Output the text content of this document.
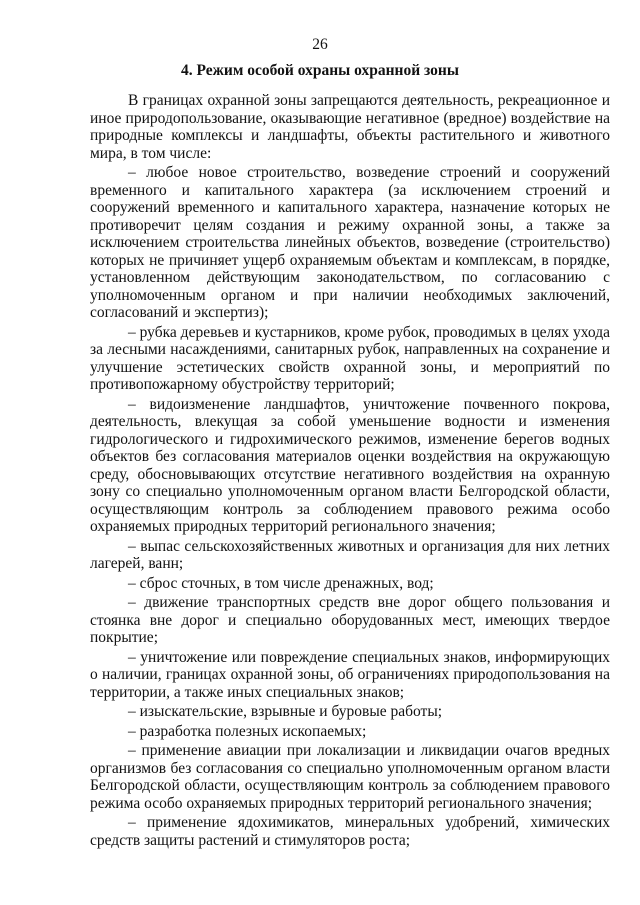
26
4. Режим особой охраны охранной зоны

В границах охранной зоны запрещаются деятельность, рекреационное и иное природопользование, оказывающие негативное (вредное) воздействие на природные комплексы и ландшафты, объекты растительного и животного мира, в том числе:

– любое новое строительство, возведение строений и сооружений временного и капитального характера (за исключением строений и сооружений временного и капитального характера, назначение которых не противоречит целям создания и режиму охранной зоны, а также за исключением строительства линейных объектов, возведение (строительство) которых не причиняет ущерб охраняемым объектам и комплексам, в порядке, установленном действующим законодательством, по согласованию с уполномоченным органом и при наличии необходимых заключений, согласований и экспертиз);

– рубка деревьев и кустарников, кроме рубок, проводимых в целях ухода за лесными насаждениями, санитарных рубок, направленных на сохранение и улучшение эстетических свойств охранной зоны, и мероприятий по противопожарному обустройству территорий;

– видоизменение ландшафтов, уничтожение почвенного покрова, деятельность, влекущая за собой уменьшение водности и изменения гидрологического и гидрохимического режимов, изменение берегов водных объектов без согласования материалов оценки воздействия на окружающую среду, обосновывающих отсутствие негативного воздействия на охранную зону со специально уполномоченным органом власти Белгородской области, осуществляющим контроль за соблюдением правового режима особо охраняемых природных территорий регионального значения;

– выпас сельскохозяйственных животных и организация для них летних лагерей, ванн;

– сброс сточных, в том числе дренажных, вод;

– движение транспортных средств вне дорог общего пользования и стоянка вне дорог и специально оборудованных мест, имеющих твердое покрытие;

– уничтожение или повреждение специальных знаков, информирующих о наличии, границах охранной зоны, об ограничениях природопользования на территории, а также иных специальных знаков;

– изыскательские, взрывные и буровые работы;

– разработка полезных ископаемых;

– применение авиации при локализации и ликвидации очагов вредных организмов без согласования со специально уполномоченным органом власти Белгородской области, осуществляющим контроль за соблюдением правового режима особо охраняемых природных территорий регионального значения;

– применение ядохимикатов, минеральных удобрений, химических средств защиты растений и стимуляторов роста;
